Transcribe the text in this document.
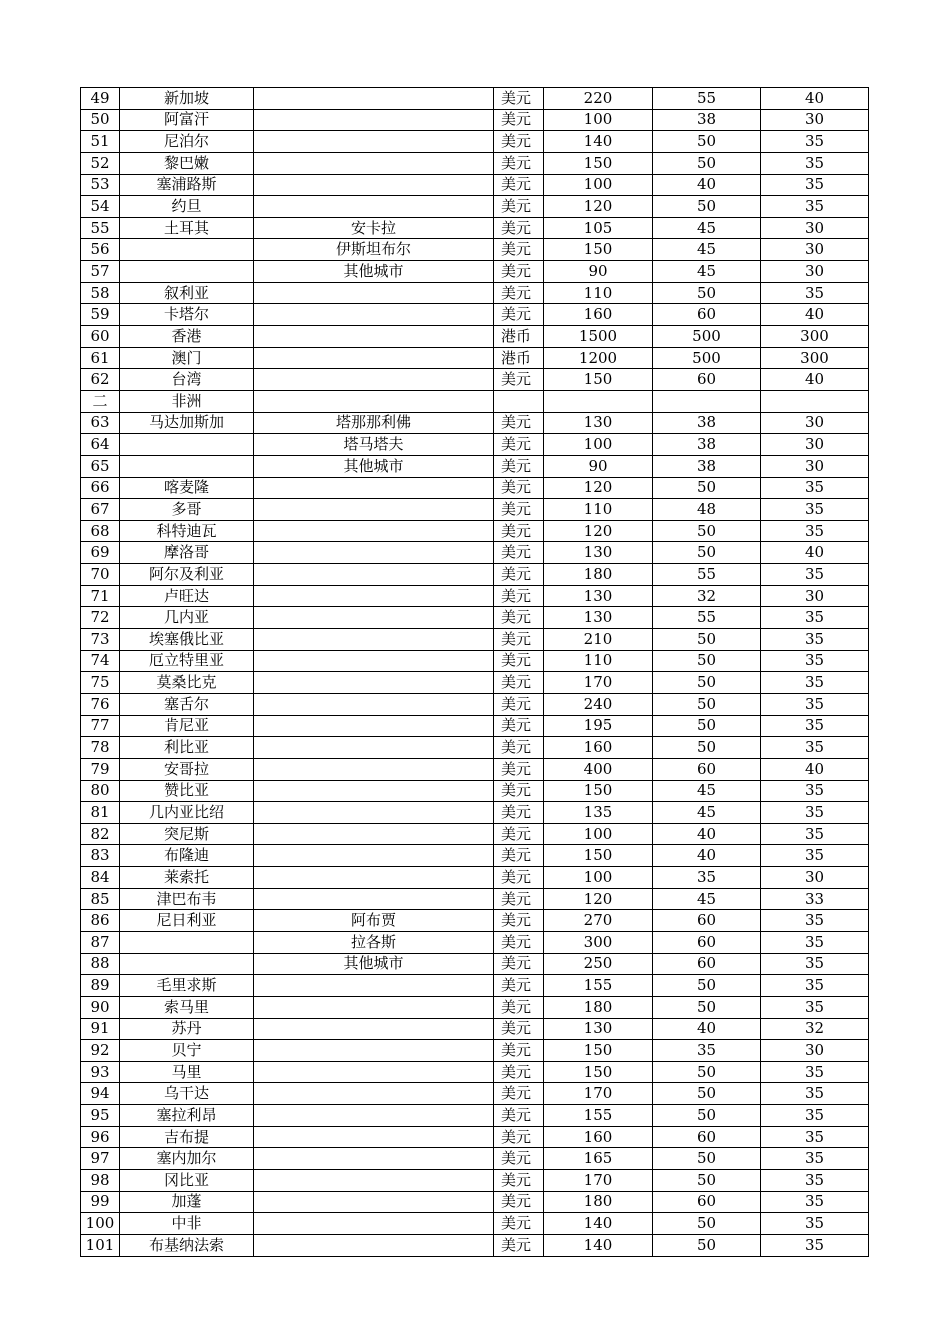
49	新加坡		美元	220	55	40
50	阿富汗		美元	100	38	30
51	尼泊尔		美元	140	50	35
52	黎巴嫩		美元	150	50	35
53	塞浦路斯		美元	100	40	35
54	约旦		美元	120	50	35
55	土耳其	安卡拉	美元	105	45	30
56		伊斯坦布尔	美元	150	45	30
57		其他城市	美元	90	45	30
58	叙利亚		美元	110	50	35
59	卡塔尔		美元	160	60	40
60	香港		港币	1500	500	300
61	澳门		港币	1200	500	300
62	台湾		美元	150	60	40
二	非洲					
63	马达加斯加	塔那那利佛	美元	130	38	30
64		塔马塔夫	美元	100	38	30
65		其他城市	美元	90	38	30
66	喀麦隆		美元	120	50	35
67	多哥		美元	110	48	35
68	科特迪瓦		美元	120	50	35
69	摩洛哥		美元	130	50	40
70	阿尔及利亚		美元	180	55	35
71	卢旺达		美元	130	32	30
72	几内亚		美元	130	55	35
73	埃塞俄比亚		美元	210	50	35
74	厄立特里亚		美元	110	50	35
75	莫桑比克		美元	170	50	35
76	塞舌尔		美元	240	50	35
77	肯尼亚		美元	195	50	35
78	利比亚		美元	160	50	35
79	安哥拉		美元	400	60	40
80	赞比亚		美元	150	45	35
81	几内亚比绍		美元	135	45	35
82	突尼斯		美元	100	40	35
83	布隆迪		美元	150	40	35
84	莱索托		美元	100	35	30
85	津巴布韦		美元	120	45	33
86	尼日利亚	阿布贾	美元	270	60	35
87		拉各斯	美元	300	60	35
88		其他城市	美元	250	60	35
89	毛里求斯		美元	155	50	35
90	索马里		美元	180	50	35
91	苏丹		美元	130	40	32
92	贝宁		美元	150	35	30
93	马里		美元	150	50	35
94	乌干达		美元	170	50	35
95	塞拉利昂		美元	155	50	35
96	吉布提		美元	160	60	35
97	塞内加尔		美元	165	50	35
98	冈比亚		美元	170	50	35
99	加蓬		美元	180	60	35
100	中非		美元	140	50	35
101	布基纳法索		美元	140	50	35
